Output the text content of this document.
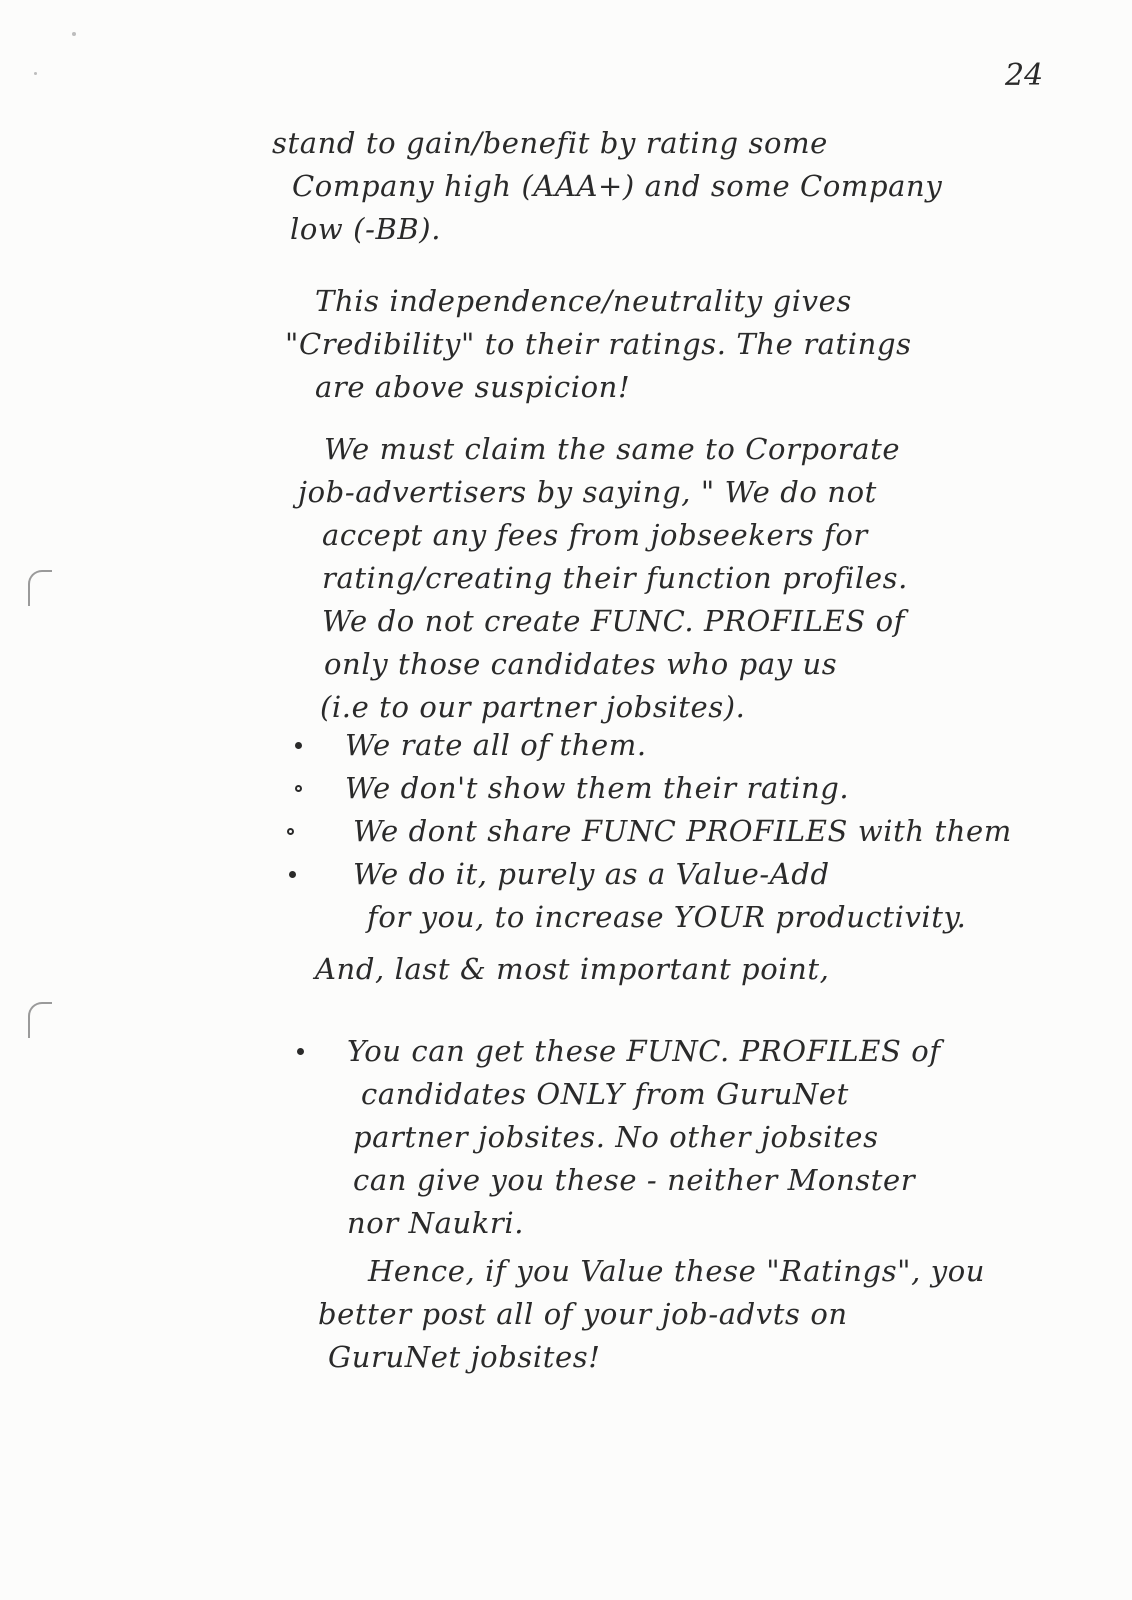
24
stand to gain/benefit by rating some
Company high (AAA+) and some Company
low (-BB).
This independence/neutrality gives
"Credibility" to their ratings. The ratings
are above suspicion!
We must claim the same to Corporate
job-advertisers by saying, " We do not
accept any fees from jobseekers for
rating/creating their function profiles.
We do not create FUNC. PROFILES of
only those candidates who pay us
(i.e to our partner jobsites).
We rate all of them.
We don't show them their rating.
We dont share FUNC PROFILES with them
We do it, purely as a Value-Add
for you, to increase YOUR productivity.
And, last & most important point,
You can get these FUNC. PROFILES of
candidates ONLY from GuruNet
partner jobsites. No other jobsites
can give you these - neither Monster
nor Naukri.
Hence, if you Value these "Ratings", you
better post all of your job-advts on
GuruNet jobsites!
